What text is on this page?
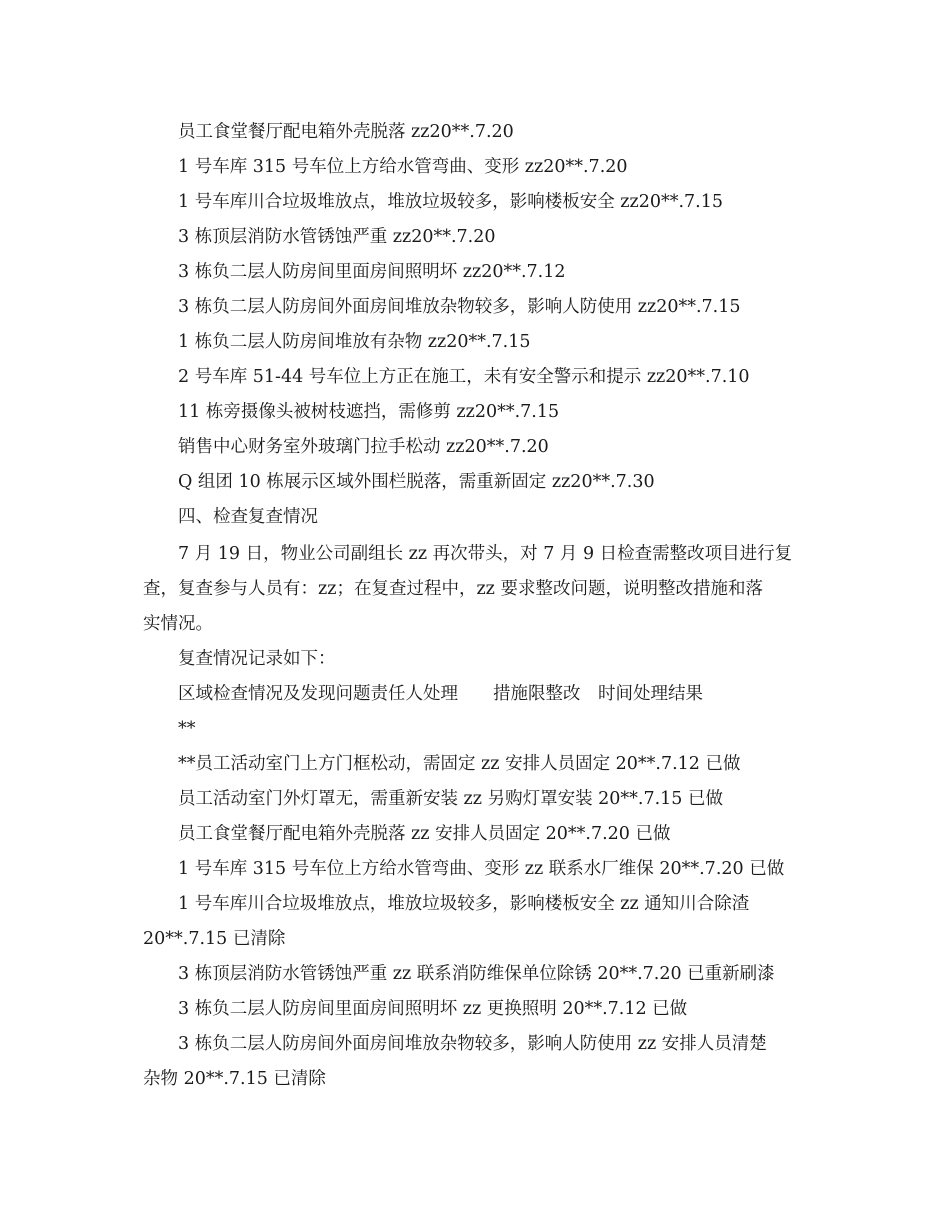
员工食堂餐厅配电箱外壳脱落 zz20**.7.20
1 号车库 315 号车位上方给水管弯曲、变形 zz20**.7.20
1 号车库川合垃圾堆放点，堆放垃圾较多，影响楼板安全 zz20**.7.15
3 栋顶层消防水管锈蚀严重 zz20**.7.20
3 栋负二层人防房间里面房间照明坏 zz20**.7.12
3 栋负二层人防房间外面房间堆放杂物较多，影响人防使用 zz20**.7.15
1 栋负二层人防房间堆放有杂物 zz20**.7.15
2 号车库 51-44 号车位上方正在施工，未有安全警示和提示 zz20**.7.10
11 栋旁摄像头被树枝遮挡，需修剪 zz20**.7.15
销售中心财务室外玻璃门拉手松动 zz20**.7.20
Q 组团 10 栋展示区域外围栏脱落，需重新固定 zz20**.7.30
四、检查复查情况
7 月 19 日，物业公司副组长 zz 再次带头，对 7 月 9 日检查需整改项目进行复
查，复查参与人员有：zz；在复查过程中，zz 要求整改问题，说明整改措施和落
实情况。
复查情况记录如下：
区域检查情况及发现问题责任人处理　　措施限整改　时间处理结果
**
**员工活动室门上方门框松动，需固定 zz 安排人员固定 20**.7.12 已做
员工活动室门外灯罩无，需重新安装 zz 另购灯罩安装 20**.7.15 已做
员工食堂餐厅配电箱外壳脱落 zz 安排人员固定 20**.7.20 已做
1 号车库 315 号车位上方给水管弯曲、变形 zz 联系水厂维保 20**.7.20 已做
1 号车库川合垃圾堆放点，堆放垃圾较多，影响楼板安全 zz 通知川合除渣
20**.7.15 已清除
3 栋顶层消防水管锈蚀严重 zz 联系消防维保单位除锈 20**.7.20 已重新刷漆
3 栋负二层人防房间里面房间照明坏 zz 更换照明 20**.7.12 已做
3 栋负二层人防房间外面房间堆放杂物较多，影响人防使用 zz 安排人员清楚
杂物 20**.7.15 已清除
